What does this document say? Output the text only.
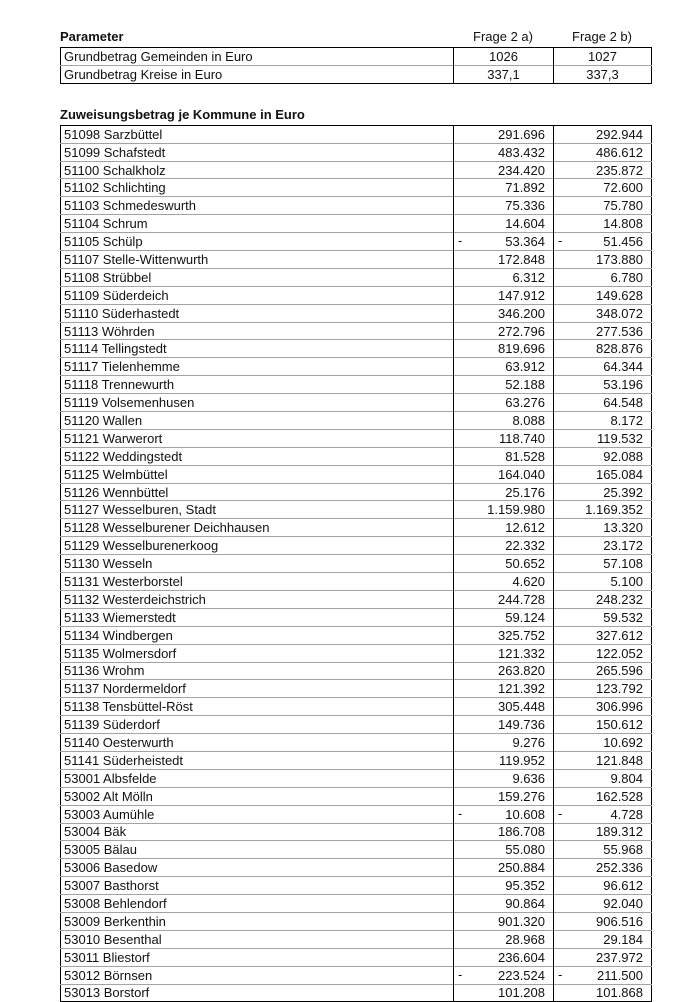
Parameter	Frage 2 a)	Frage 2 b)
Grundbetrag Gemeinden in Euro	1026	1027
Grundbetrag Kreise in Euro	337,1	337,3
Zuweisungsbetrag je Kommune in Euro
51098 Sarzbüttel	291.696	292.944
51099 Schafstedt	483.432	486.612
51100 Schalkholz	234.420	235.872
51102 Schlichting	71.892	72.600
51103 Schmedeswurth	75.336	75.780
51104 Schrum	14.604	14.808
51105 Schülp	- 53.364	- 51.456
51107 Stelle-Wittenwurth	172.848	173.880
51108 Strübbel	6.312	6.780
51109 Süderdeich	147.912	149.628
51110 Süderhastedt	346.200	348.072
51113 Wöhrden	272.796	277.536
51114 Tellingstedt	819.696	828.876
51117 Tielenhemme	63.912	64.344
51118 Trennewurth	52.188	53.196
51119 Volsemenhusen	63.276	64.548
51120 Wallen	8.088	8.172
51121 Warwerort	118.740	119.532
51122 Weddingstedt	81.528	92.088
51125 Welmbüttel	164.040	165.084
51126 Wennbüttel	25.176	25.392
51127 Wesselburen, Stadt	1.159.980	1.169.352
51128 Wesselburener Deichhausen	12.612	13.320
51129 Wesselburenerkoog	22.332	23.172
51130 Wesseln	50.652	57.108
51131 Westerborstel	4.620	5.100
51132 Westerdeichstrich	244.728	248.232
51133 Wiemerstedt	59.124	59.532
51134 Windbergen	325.752	327.612
51135 Wolmersdorf	121.332	122.052
51136 Wrohm	263.820	265.596
51137 Nordermeldorf	121.392	123.792
51138 Tensbüttel-Röst	305.448	306.996
51139 Süderdorf	149.736	150.612
51140 Oesterwurth	9.276	10.692
51141 Süderheistedt	119.952	121.848
53001 Albsfelde	9.636	9.804
53002 Alt Mölln	159.276	162.528
53003 Aumühle	- 10.608	- 4.728
53004 Bäk	186.708	189.312
53005 Bälau	55.080	55.968
53006 Basedow	250.884	252.336
53007 Basthorst	95.352	96.612
53008 Behlendorf	90.864	92.040
53009 Berkenthin	901.320	906.516
53010 Besenthal	28.968	29.184
53011 Bliestorf	236.604	237.972
53012 Börnsen	- 223.524	- 211.500
53013 Borstorf	101.208	101.868
